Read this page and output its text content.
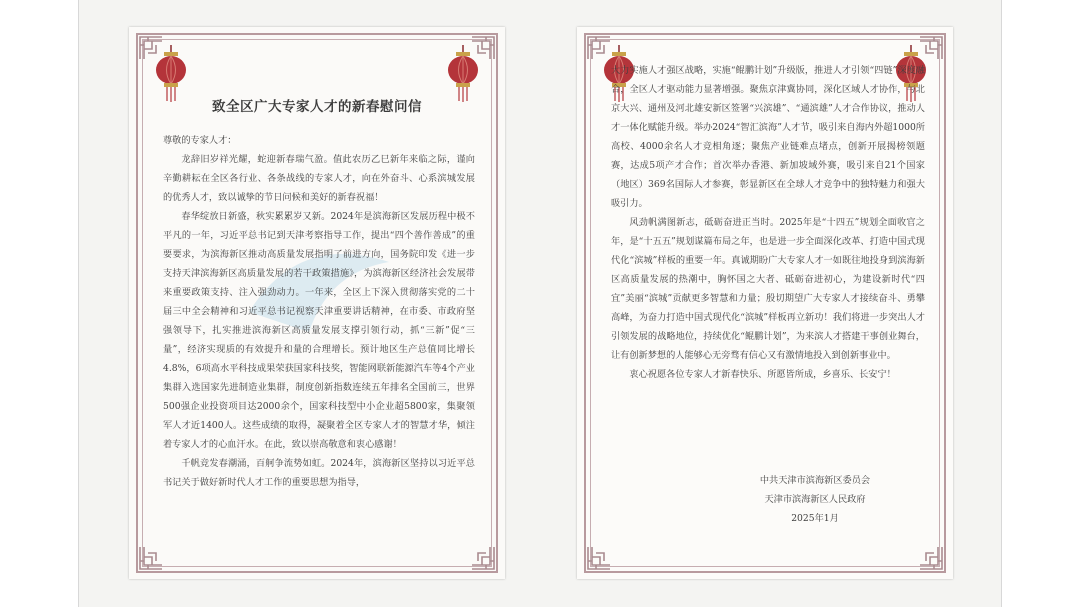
致全区广大专家人才的新春慰问信

尊敬的专家人才：

龙辞旧岁祥光耀，蛇迎新春瑞气盈。值此农历乙巳新年来临之际，谨向辛勤耕耘在全区各行业、各条战线的专家人才，向在外奋斗、心系滨城发展的优秀人才，致以诚挚的节日问候和美好的新春祝福！

春华绽放日新盛，秋实累累岁又新。2024年是滨海新区发展历程中极不平凡的一年，习近平总书记到天津考察指导工作，提出“四个善作善成”的重要要求，为滨海新区推动高质量发展指明了前进方向，国务院印发《进一步支持天津滨海新区高质量发展的若干政策措施》，为滨海新区经济社会发展带来重要政策支持、注入强劲动力。一年来，全区上下深入贯彻落实党的二十届三中全会精神和习近平总书记视察天津重要讲话精神，在市委、市政府坚强领导下，扎实推进滨海新区高质量发展支撑引领行动，抓“三新”促“三量”，经济实现质的有效提升和量的合理增长。预计地区生产总值同比增长4.8%，6项高水平科技成果荣获国家科技奖，智能网联新能源汽车等4个产业集群入选国家先进制造业集群，制度创新指数连续五年排名全国前三，世界500强企业投资项目达2000余个，国家科技型中小企业超5800家，集聚领军人才近1400人。这些成绩的取得，凝聚着全区专家人才的智慧才华，倾注着专家人才的心血汗水。在此，致以崇高敬意和衷心感谢！

千帆竞发春潮涌，百舸争流势如虹。2024年，滨海新区坚持以习近平总书记关于做好新时代人才工作的重要思想为指导，

大力实施人才强区战略，实施“鲲鹏计划”升级版，推进人才引领“四链”深度融合，全区人才驱动能力显著增强。聚焦京津冀协同，深化区域人才协作，与北京大兴、通州及河北雄安新区签署“兴滨雄”、“通滨雄”人才合作协议，推动人才一体化赋能升级。举办2024“智汇滨海”人才节，吸引来自海内外超1000所高校、4000余名人才竞相角逐；聚焦产业链难点堵点，创新开展揭榜领题赛，达成5项产才合作；首次举办香港、新加坡域外赛，吸引来自21个国家（地区）369名国际人才参赛，彰显新区在全球人才竞争中的独特魅力和强大吸引力。

风劲帆满图新志，砥砺奋进正当时。2025年是“十四五”规划全面收官之年，是“十五五”规划谋篇布局之年，也是进一步全面深化改革、打造中国式现代化“滨城”样板的重要一年。真诚期盼广大专家人才一如既往地投身到滨海新区高质量发展的热潮中，胸怀国之大者、砥砺奋进初心，为建设新时代“四宜”美丽“滨城”贡献更多智慧和力量；殷切期望广大专家人才接续奋斗、勇攀高峰，为奋力打造中国式现代化“滨城”样板再立新功！我们将进一步突出人才引领发展的战略地位，持续优化“鲲鹏计划”，为来滨人才搭建干事创业舞台，让有创新梦想的人能够心无旁骛有信心又有激情地投入到创新事业中。

衷心祝愿各位专家人才新春快乐、所愿皆所成，乡喜乐、长安宁！

中共天津市滨海新区委员会
天津市滨海新区人民政府
2025年1月
